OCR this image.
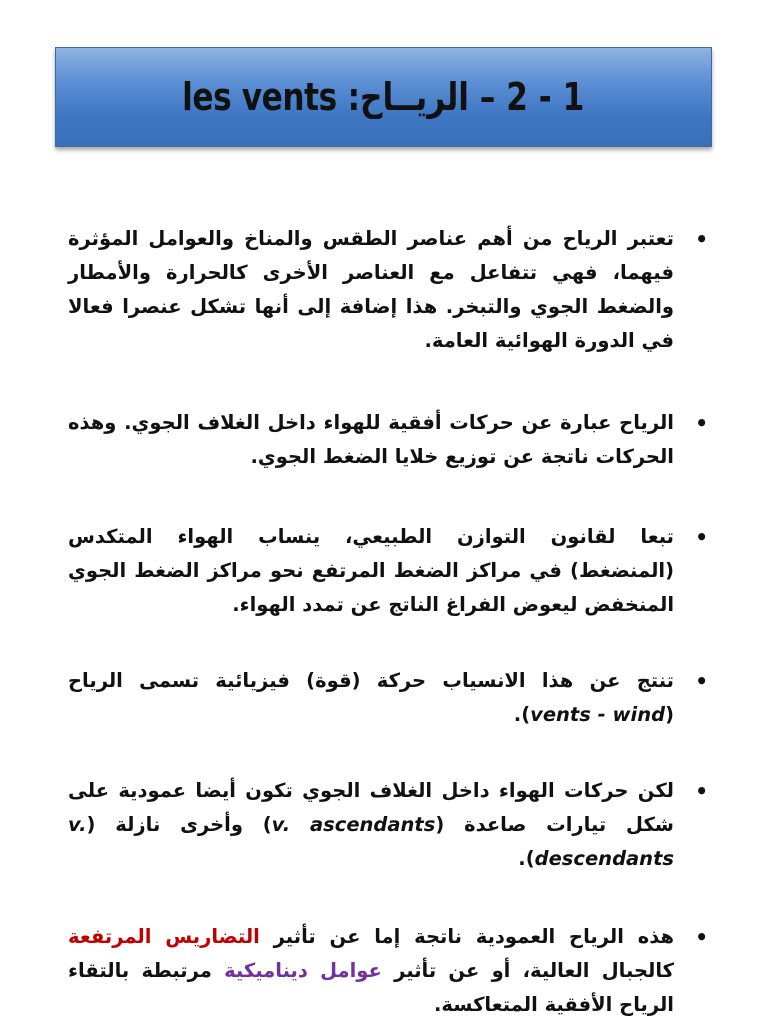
1 - 2 – الريــاح: les vents

•
تعتبر الرياح من أهم عناصر الطقس والمناخ والعوامل المؤثرة فيهما، فهي تتفاعل مع العناصر الأخرى كالحرارة والأمطار والضغط الجوي والتبخر. هذا إضافة إلى أنها تشكل عنصرا فعالا في الدورة الهوائية العامة.

•
الرياح عبارة عن حركات أفقية للهواء داخل الغلاف الجوي. وهذه الحركات ناتجة عن توزيع خلايا الضغط الجوي.

•
تبعا لقانون التوازن الطبيعي، ينساب الهواء المتكدس (المنضغط) في مراكز الضغط المرتفع نحو مراكز الضغط الجوي المنخفض ليعوض الفراغ الناتج عن تمدد الهواء.

•
تنتج عن هذا الانسياب حركة (قوة) فيزيائية تسمى الرياح (vents - wind).

•
لكن حركات الهواء داخل الغلاف الجوي تكون أيضا عمودية على شكل تيارات صاعدة (v. ascendants) وأخرى نازلة (v. descendants).

•
هذه الرياح العمودية ناتجة إما عن تأثير التضاريس المرتفعة كالجبال العالية، أو عن تأثير عوامل ديناميكية مرتبطة بالتقاء الرياح الأفقية المتعاكسة.
